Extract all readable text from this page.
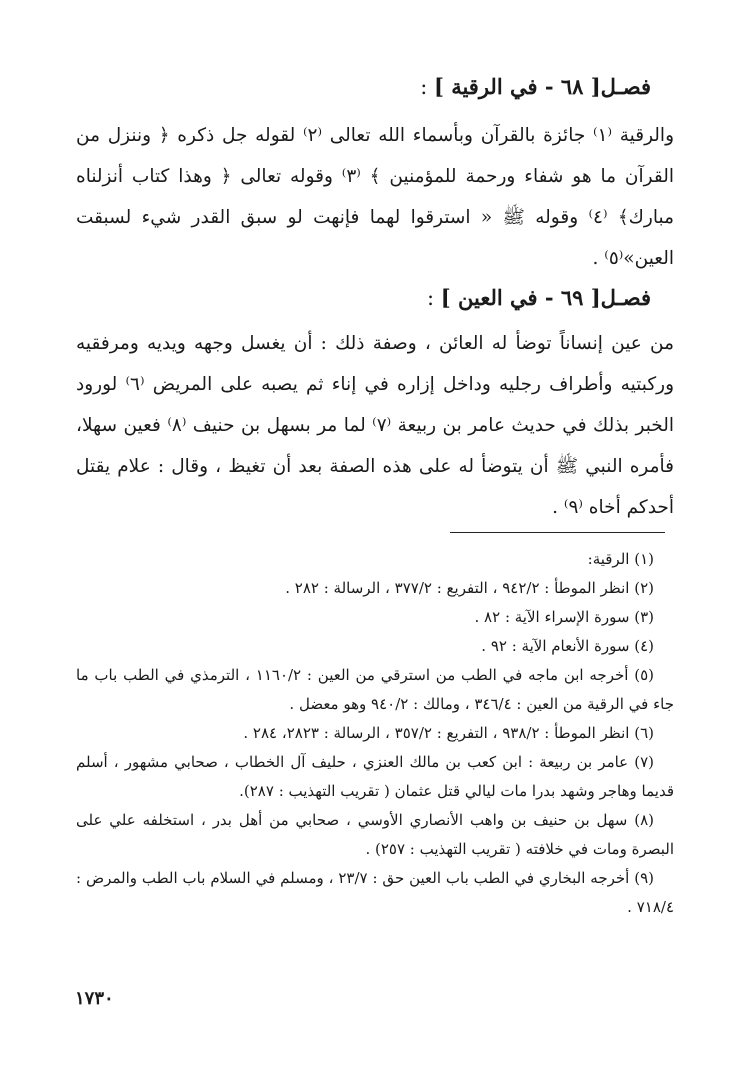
فصـل[ ٦٨ - في الرقية ] :
والرقية ⁽١⁾ جائزة بالقرآن وبأسماء الله تعالى ⁽٢⁾ لقوله جل ذكره ﴿ وننزل من القرآن ما هو شفاء ورحمة للمؤمنين ﴾ ⁽٣⁾ وقوله تعالى ﴿ وهذا كتاب أنزلناه مبارك﴾ ⁽٤⁾ وقوله ﷺ « استرقوا لهما فإنهت لو سبق القدر شيء لسبقت العين»⁽٥⁾ .
فصـل[ ٦٩ - في العين ] :
من عين إنساناً توضأ له العائن ، وصفة ذلك : أن يغسل وجهه ويديه ومرفقيه وركبتيه وأطراف رجليه وداخل إزاره في إناء ثم يصبه على المريض ⁽٦⁾ لورود الخبر بذلك في حديث عامر بن ربيعة ⁽٧⁾ لما مر بسهل بن حنيف ⁽٨⁾ فعين سهلا، فأمره النبي ﷺ أن يتوضأ له على هذه الصفة بعد أن تغيظ ، وقال : علام يقتل أحدكم أخاه ⁽٩⁾ .
(١) الرقية:
(٢) انظر الموطأ : ٩٤٢/٢ ، التفريع : ٣٧٧/٢ ، الرسالة : ٢٨٢ .
(٣) سورة الإسراء الآية : ٨٢ .
(٤) سورة الأنعام الآية : ٩٢ .
(٥) أخرجه ابن ماجه في الطب من استرقي من العين : ١١٦٠/٢ ، الترمذي في الطب باب ما جاء في الرقية من العين : ٣٤٦/٤ ، ومالك : ٩٤٠/٢ وهو معضل .
(٦) انظر الموطأ : ٩٣٨/٢ ، التفريع : ٣٥٧/٢ ، الرسالة : ٢٨٢٣، ٢٨٤ .
(٧) عامر بن ربيعة : ابن كعب بن مالك العنزي ، حليف آل الخطاب ، صحابي مشهور ، أسلم قديما وهاجر وشهد بدرا مات ليالي قتل عثمان ( تقريب التهذيب : ٢٨٧).
(٨) سهل بن حنيف بن واهب الأنصاري الأوسي ، صحابي من أهل بدر ، استخلفه علي على البصرة ومات في خلافته ( تقريب التهذيب : ٢٥٧) .
(٩) أخرجه البخاري في الطب باب العين حق : ٢٣/٧ ، ومسلم في السلام باب الطب والمرض : ٧١٨/٤ .
١٧٣٠
